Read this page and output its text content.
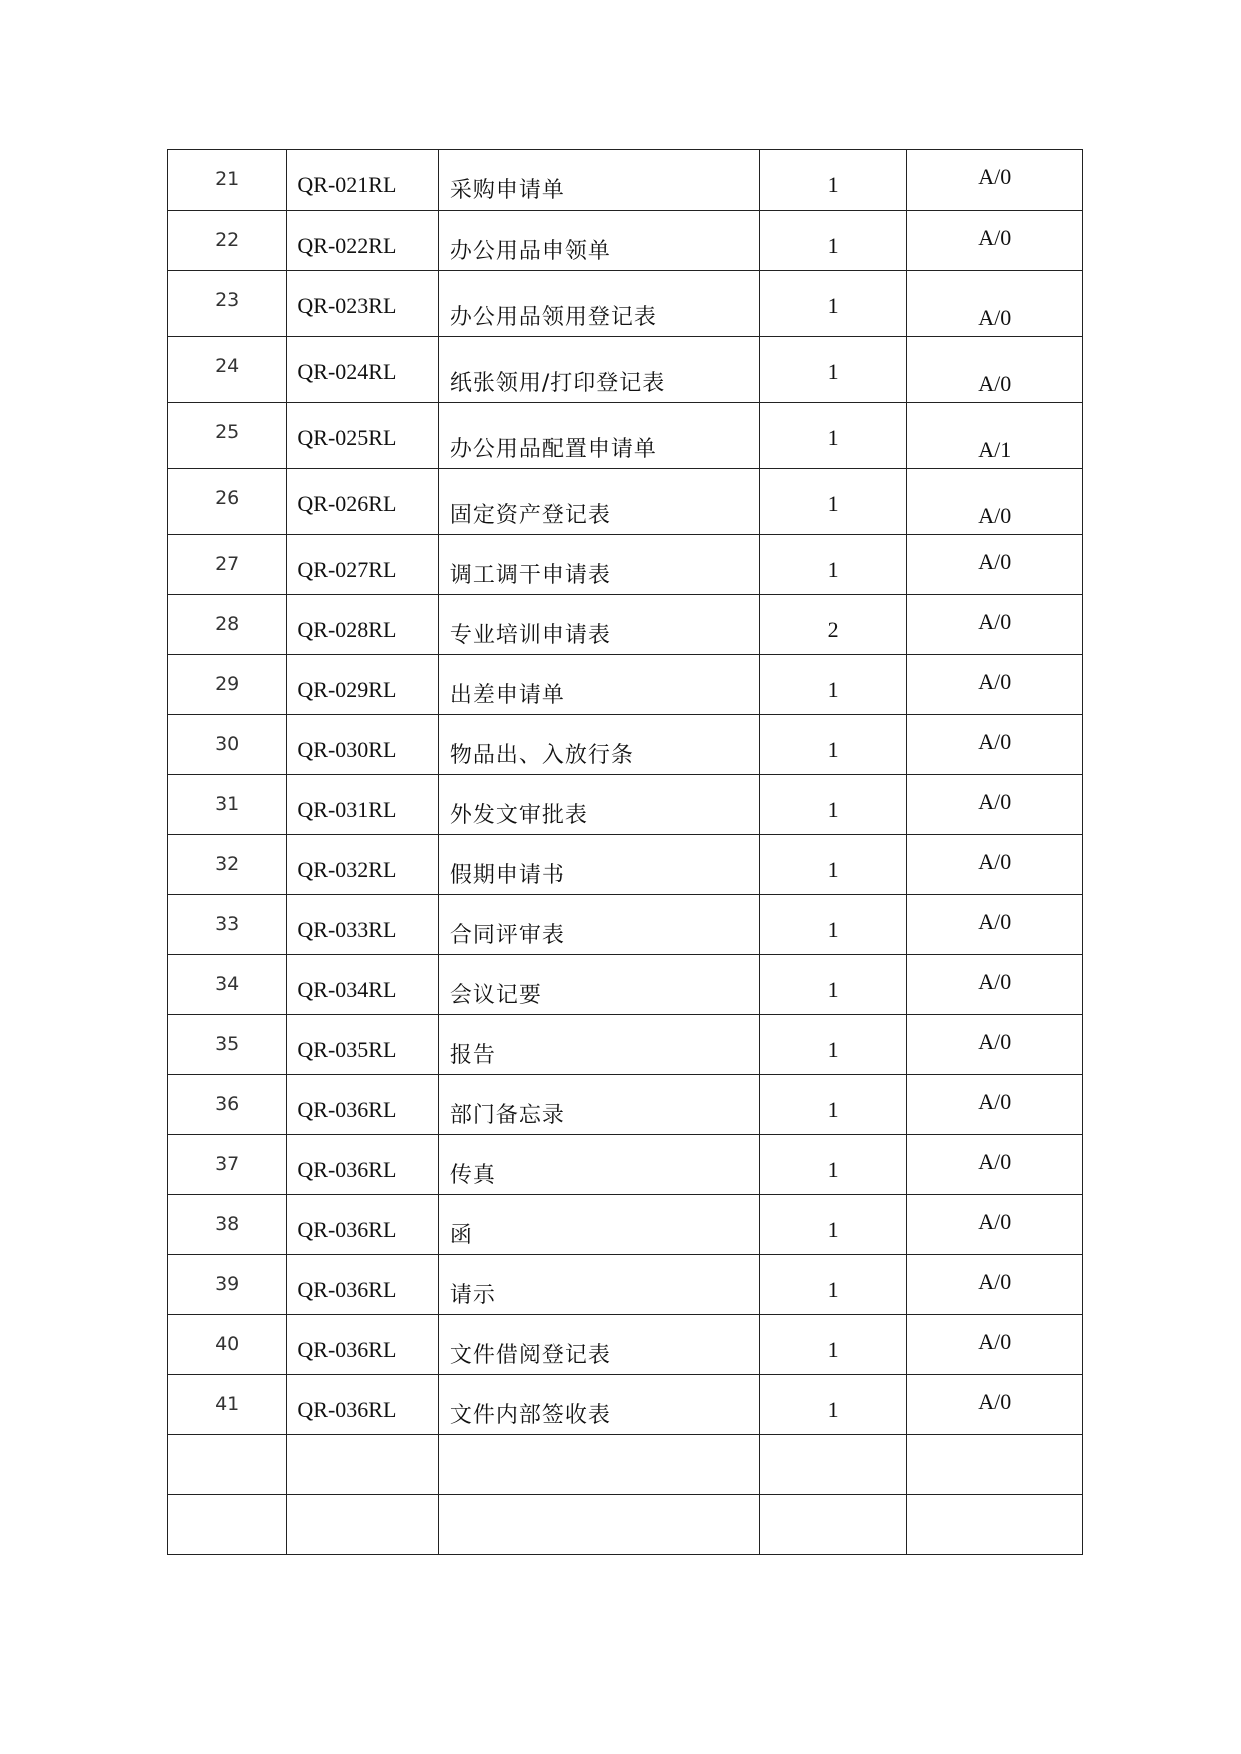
21	QR-021RL	采购申请单	1	A/0

22	QR-022RL	办公用品申领单	1	A/0

23	QR-023RL	办公用品领用登记表	1	A/0

24	QR-024RL	纸张领用/打印登记表	1	A/0

25	QR-025RL	办公用品配置申请单	1	A/1

26	QR-026RL	固定资产登记表	1	A/0

27	QR-027RL	调工调干申请表	1	A/0

28	QR-028RL	专业培训申请表	2	A/0

29	QR-029RL	出差申请单	1	A/0

30	QR-030RL	物品出、入放行条	1	A/0

31	QR-031RL	外发文审批表	1	A/0

32	QR-032RL	假期申请书	1	A/0

33	QR-033RL	合同评审表	1	A/0

34	QR-034RL	会议记要	1	A/0

35	QR-035RL	报告	1	A/0

36	QR-036RL	部门备忘录	1	A/0

37	QR-036RL	传真	1	A/0

38	QR-036RL	函	1	A/0

39	QR-036RL	请示	1	A/0

40	QR-036RL	文件借阅登记表	1	A/0

41	QR-036RL	文件内部签收表	1	A/0
